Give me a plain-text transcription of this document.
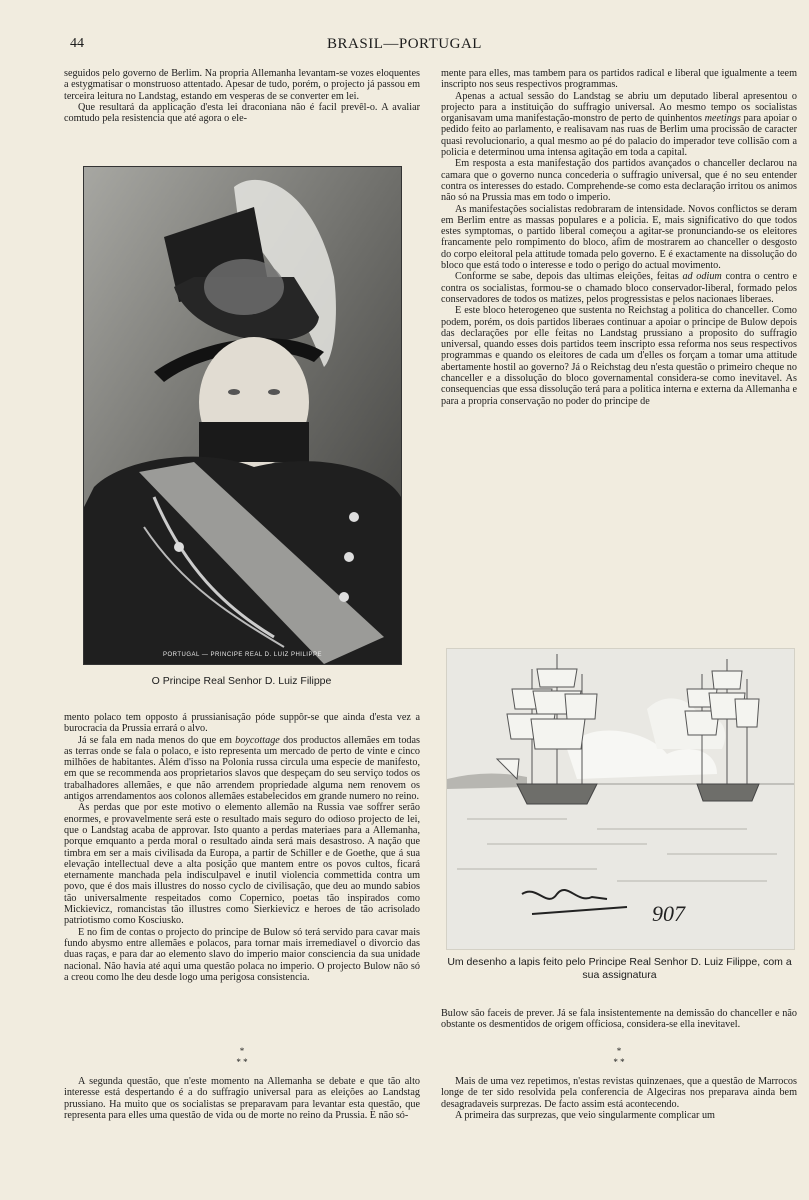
44	BRASIL—PORTUGAL

seguidos pelo governo de Berlim. Na propria Allemanha levantam-se vozes eloquentes a estygmatisar o monstruoso attentado. Apesar de tudo, porém, o projecto já passou em terceira leitura no Landstag, estando em vesperas de se converter em lei.

Que resultará da applicação d'esta lei draconiana não é facil prevêl-o. A avaliar comtudo pela resistencia que até agora o ele-

PORTUGAL — PRINCIPE REAL D. LUIZ PHILIPPE
O Principe Real Senhor D. Luiz Filippe

mento polaco tem opposto á prussianisação póde suppôr-se que ainda d'esta vez a burocracia da Prussia errará o alvo.

Já se fala em nada menos do que em boycottage dos productos allemães em todas as terras onde se fala o polaco, e isto representa um mercado de perto de vinte e cinco milhões de habitantes. Além d'isso na Polonia russa circula uma especie de manifesto, em que se recommenda aos proprietarios slavos que despeçam do seu serviço todos os trabalhadores allemães, e que não arrendem propriedade alguma nem renovem os antigos arrendamentos aos colonos allemães estabelecidos em grande numero no reino.

As perdas que por este motivo o elemento allemão na Russia vae soffrer serão enormes, e provavelmente será este o resultado mais seguro do odioso projecto de lei, que o Landstag acaba de approvar. Isto quanto a perdas materiaes para a Allemanha, porque emquanto a perda moral o resultado ainda será mais desastroso. A nação que timbra em ser a mais civilisada da Europa, a partir de Schiller e de Goethe, que á sua elevação intellectual deve a alta posição que mantem entre os povos cultos, ficará eternamente manchada pela indisculpavel e inutil violencia commettida contra um povo, que é dos mais illustres do nosso cyclo de civilisação, que deu ao mundo sabios tão universalmente respeitados como Copernico, poetas tão inspirados como Mickievicz, romancistas tão illustres como Sierkievicz e heroes de tão acrisolado patriotismo como Kosciusko.

E no fim de contas o projecto do principe de Bulow só terá servido para cavar mais fundo abysmo entre allemães e polacos, para tornar mais irremediavel o divorcio das duas raças, e para dar ao elemento slavo do imperio maior consciencia da sua unidade nacional. Não havia até aqui uma questão polaca no imperio. O projecto Bulow não só a creou como lhe deu desde logo uma perigosa consistencia.

*
* *

A segunda questão, que n'este momento na Allemanha se debate e que tão alto interesse está despertando é a do suffragio universal para as eleições ao Landstag prussiano. Ha muito que os socialistas se preparavam para levantar esta questão, que representa para elles uma questão de vida ou de morte no reino da Prussia. E não só-

mente para elles, mas tambem para os partidos radical e liberal que igualmente a teem inscripto nos seus respectivos programmas.

Apenas a actual sessão do Landstag se abriu um deputado liberal apresentou o projecto para a instituição do suffragio universal. Ao mesmo tempo os socialistas organisavam uma manifestação-monstro de perto de quinhentos meetings para apoiar o pedido feito ao parlamento, e realisavam nas ruas de Berlim uma procissão de caracter quasi revolucionario, a qual mesmo ao pé do palacio do imperador teve collisão com a policia e determinou uma intensa agitação em toda a capital.

Em resposta a esta manifestação dos partidos avançados o chanceller declarou na camara que o governo nunca concederia o suffragio universal, que é no seu entender contra os interesses do estado. Comprehende-se como esta declaração irritou os animos não só na Prussia mas em todo o imperio.

As manifestações socialistas redobraram de intensidade. Novos conflictos se deram em Berlim entre as massas populares e a policia. E, mais significativo do que todos estes symptomas, o partido liberal começou a agitar-se pronunciando-se os eleitores francamente pelo rompimento do bloco, afim de mostrarem ao chanceller o desgosto do corpo eleitoral pela attitude tomada pelo governo. E é exactamente na dissolução do bloco que está todo o interesse e todo o perigo do actual movimento.

Conforme se sabe, depois das ultimas eleições, feitas ad odium contra o centro e contra os socialistas, formou-se o chamado bloco conservador-liberal, formado pelos conservadores de todos os matizes, pelos progressistas e pelos nacionaes liberaes.

E este bloco heterogeneo que sustenta no Reichstag a politica do chanceller. Como podem, porém, os dois partidos liberaes continuar a apoiar o principe de Bulow depois das declarações por elle feitas no Landstag prussiano a proposito do suffragio universal, quando esses dois partidos teem inscripto essa reforma nos seus respectivos programmas e quando os eleitores de cada um d'elles os forçam a tomar uma attitude abertamente hostil ao governo? Já o Reichstag deu n'esta questão o primeiro cheque no chanceller e a dissolução do bloco governamental considera-se como inevitavel. As consequencias que essa dissolução terá para a politica interna e externa da Allemanha e para a propria conservação no poder do principe de

907
Um desenho a lapis feito pelo Principe Real Senhor D. Luiz Filippe, com a sua assignatura

Bulow são faceis de prever. Já se fala insistentemente na demissão do chanceller e não obstante os desmentidos de origem officiosa, considera-se ella inevitavel.

*
* *

Mais de uma vez repetimos, n'estas revistas quinzenaes, que a questão de Marrocos longe de ter sido resolvida pela conferencia de Algeciras nos preparava ainda bem desagradaveis surprezas. De facto assim está acontecendo.

A primeira das surprezas, que veio singularmente complicar um
